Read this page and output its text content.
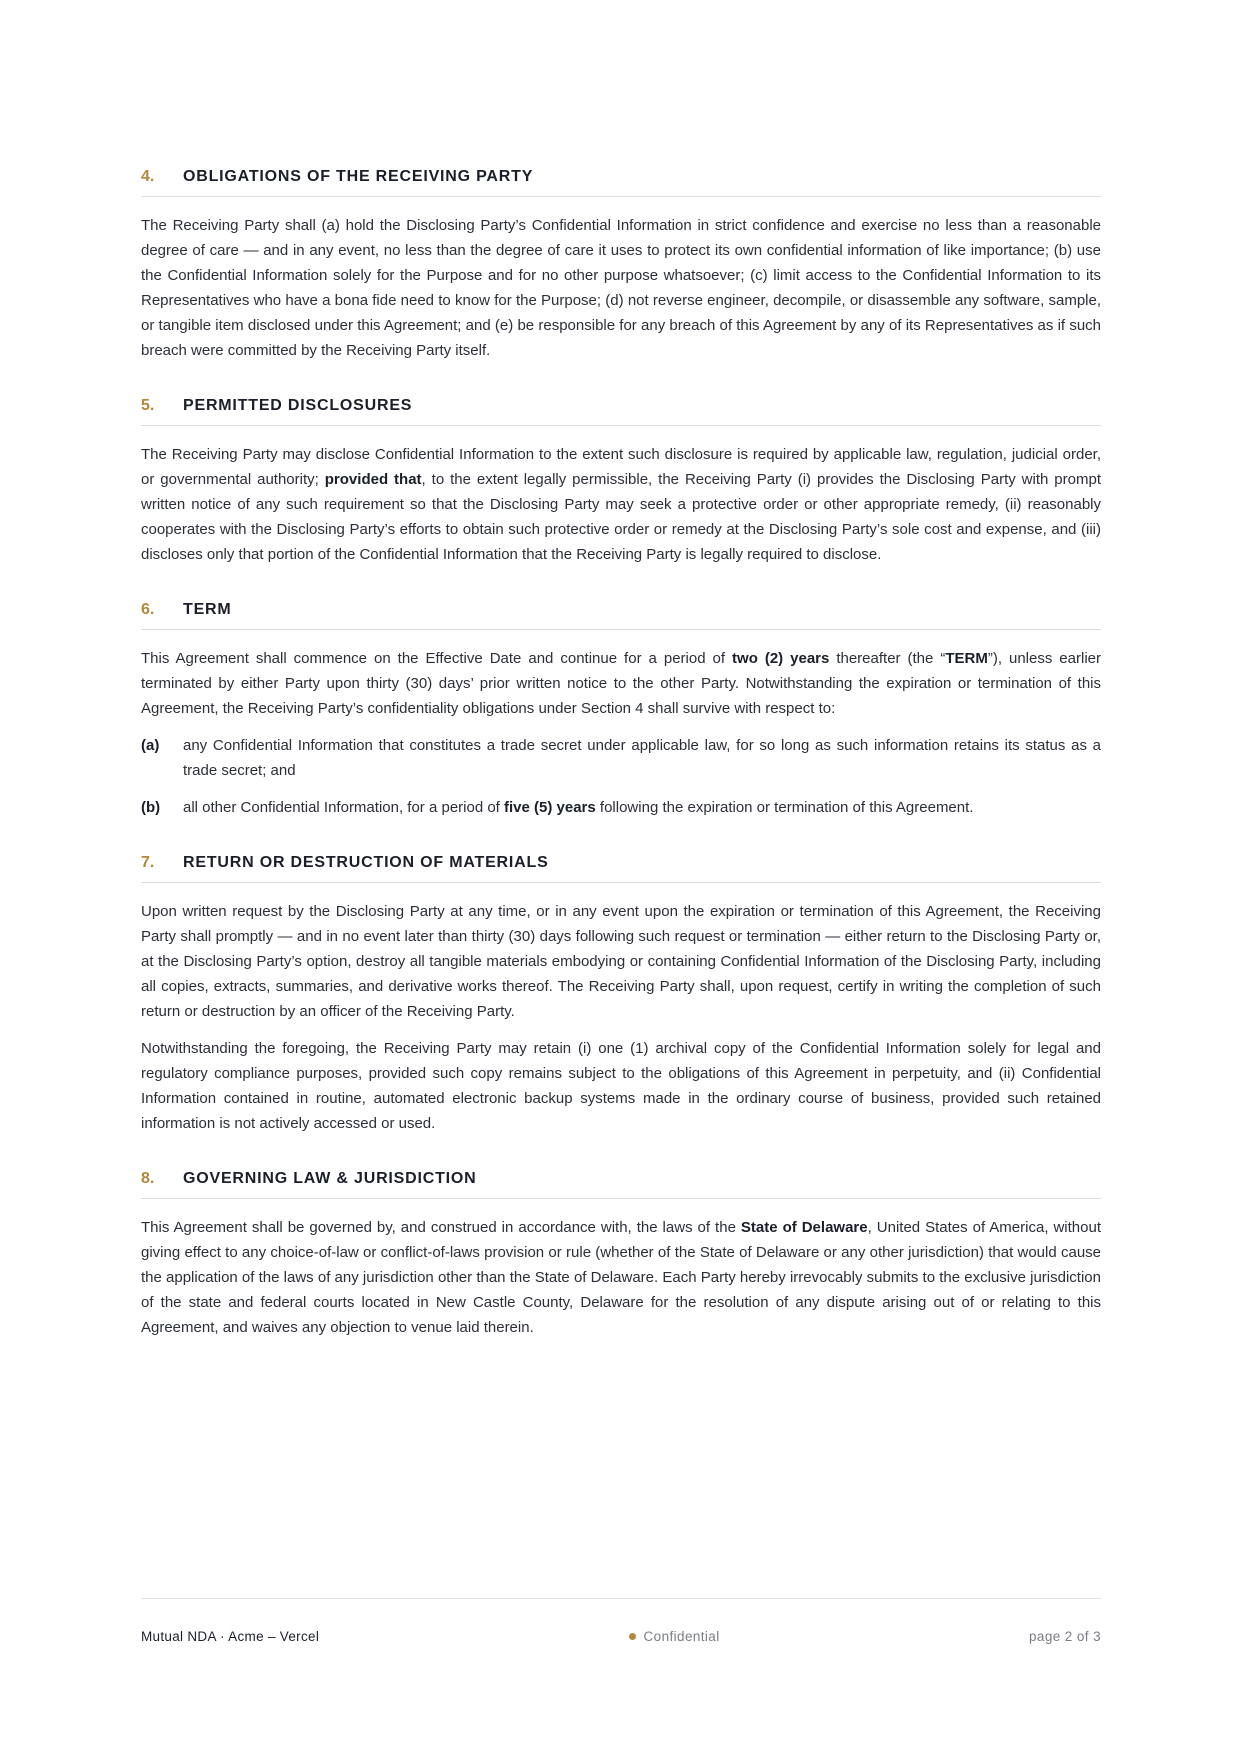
4.	OBLIGATIONS OF THE RECEIVING PARTY

The Receiving Party shall (a) hold the Disclosing Party’s Confidential Information in strict confidence and exercise no less than a reasonable degree of care — and in any event, no less than the degree of care it uses to protect its own confidential information of like importance; (b) use the Confidential Information solely for the Purpose and for no other purpose whatsoever; (c) limit access to the Confidential Information to its Representatives who have a bona fide need to know for the Purpose; (d) not reverse engineer, decompile, or disassemble any software, sample, or tangible item disclosed under this Agreement; and (e) be responsible for any breach of this Agreement by any of its Representatives as if such breach were committed by the Receiving Party itself.

5.	PERMITTED DISCLOSURES

The Receiving Party may disclose Confidential Information to the extent such disclosure is required by applicable law, regulation, judicial order, or governmental authority; provided that, to the extent legally permissible, the Receiving Party (i) provides the Disclosing Party with prompt written notice of any such requirement so that the Disclosing Party may seek a protective order or other appropriate remedy, (ii) reasonably cooperates with the Disclosing Party’s efforts to obtain such protective order or remedy at the Disclosing Party’s sole cost and expense, and (iii) discloses only that portion of the Confidential Information that the Receiving Party is legally required to disclose.

6.	TERM

This Agreement shall commence on the Effective Date and continue for a period of two (2) years thereafter (the “TERM”), unless earlier terminated by either Party upon thirty (30) days’ prior written notice to the other Party. Notwithstanding the expiration or termination of this Agreement, the Receiving Party’s confidentiality obligations under Section 4 shall survive with respect to:

(a)	any Confidential Information that constitutes a trade secret under applicable law, for so long as such information retains its status as a trade secret; and
(b)	all other Confidential Information, for a period of five (5) years following the expiration or termination of this Agreement.
7.	RETURN OR DESTRUCTION OF MATERIALS

Upon written request by the Disclosing Party at any time, or in any event upon the expiration or termination of this Agreement, the Receiving Party shall promptly — and in no event later than thirty (30) days following such request or termination — either return to the Disclosing Party or, at the Disclosing Party’s option, destroy all tangible materials embodying or containing Confidential Information of the Disclosing Party, including all copies, extracts, summaries, and derivative works thereof. The Receiving Party shall, upon request, certify in writing the completion of such return or destruction by an officer of the Receiving Party.

Notwithstanding the foregoing, the Receiving Party may retain (i) one (1) archival copy of the Confidential Information solely for legal and regulatory compliance purposes, provided such copy remains subject to the obligations of this Agreement in perpetuity, and (ii) Confidential Information contained in routine, automated electronic backup systems made in the ordinary course of business, provided such retained information is not actively accessed or used.

8.	GOVERNING LAW & JURISDICTION

This Agreement shall be governed by, and construed in accordance with, the laws of the State of Delaware, United States of America, without giving effect to any choice-of-law or conflict-of-laws provision or rule (whether of the State of Delaware or any other jurisdiction) that would cause the application of the laws of any jurisdiction other than the State of Delaware. Each Party hereby irrevocably submits to the exclusive jurisdiction of the state and federal courts located in New Castle County, Delaware for the resolution of any dispute arising out of or relating to this Agreement, and waives any objection to venue laid therein.

Mutual NDA · Acme – Vercel	Confidential	page 2 of 3
